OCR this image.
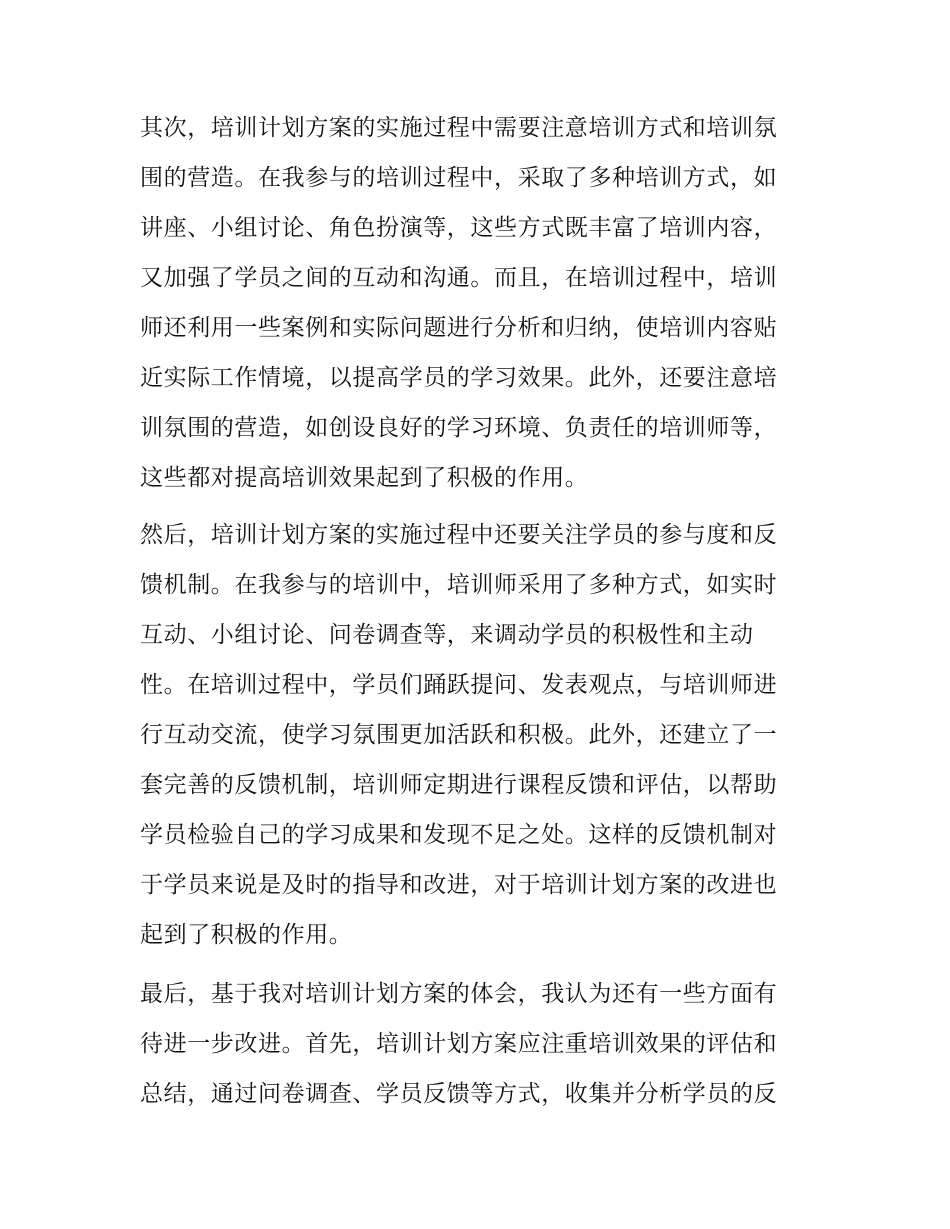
其次，培训计划方案的实施过程中需要注意培训方式和培训氛
围的营造。在我参与的培训过程中，采取了多种培训方式，如
讲座、小组讨论、角色扮演等，这些方式既丰富了培训内容，
又加强了学员之间的互动和沟通。而且，在培训过程中，培训
师还利用一些案例和实际问题进行分析和归纳，使培训内容贴
近实际工作情境，以提高学员的学习效果。此外，还要注意培
训氛围的营造，如创设良好的学习环境、负责任的培训师等，
这些都对提高培训效果起到了积极的作用。
然后，培训计划方案的实施过程中还要关注学员的参与度和反
馈机制。在我参与的培训中，培训师采用了多种方式，如实时
互动、小组讨论、问卷调查等，来调动学员的积极性和主动
性。在培训过程中，学员们踊跃提问、发表观点，与培训师进
行互动交流，使学习氛围更加活跃和积极。此外，还建立了一
套完善的反馈机制，培训师定期进行课程反馈和评估，以帮助
学员检验自己的学习成果和发现不足之处。这样的反馈机制对
于学员来说是及时的指导和改进，对于培训计划方案的改进也
起到了积极的作用。
最后，基于我对培训计划方案的体会，我认为还有一些方面有
待进一步改进。首先，培训计划方案应注重培训效果的评估和
总结，通过问卷调查、学员反馈等方式，收集并分析学员的反
